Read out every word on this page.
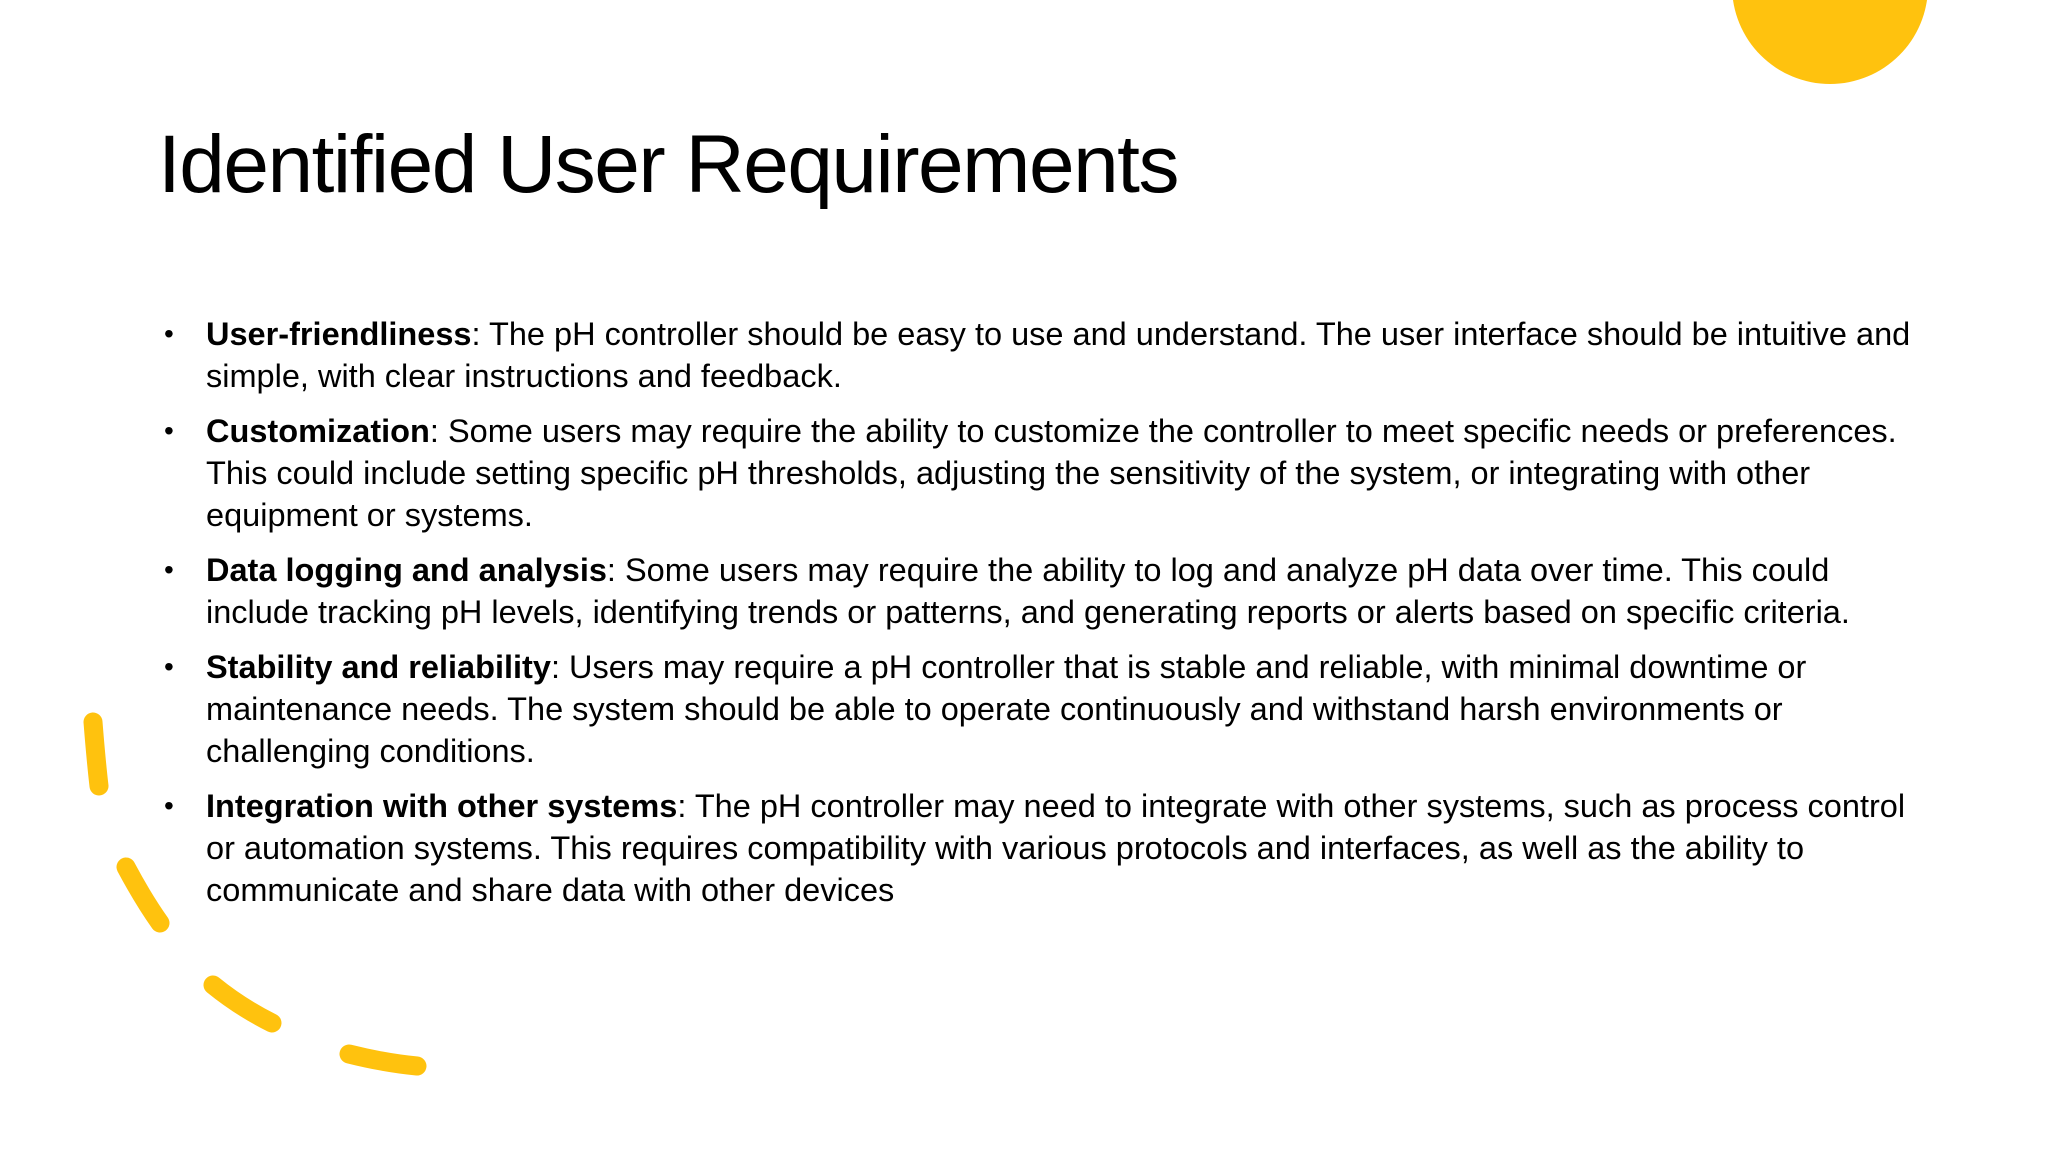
Identified User Requirements
• User-friendliness: The pH controller should be easy to use and understand. The user interface should be intuitive and simple, with clear instructions and feedback.
• Customization: Some users may require the ability to customize the controller to meet specific needs or preferences. This could include setting specific pH thresholds, adjusting the sensitivity of the system, or integrating with other equipment or systems.
• Data logging and analysis: Some users may require the ability to log and analyze pH data over time. This could include tracking pH levels, identifying trends or patterns, and generating reports or alerts based on specific criteria.
• Stability and reliability: Users may require a pH controller that is stable and reliable, with minimal downtime or maintenance needs. The system should be able to operate continuously and withstand harsh environments or challenging conditions.
• Integration with other systems: The pH controller may need to integrate with other systems, such as process control or automation systems. This requires compatibility with various protocols and interfaces, as well as the ability to communicate and share data with other devices
